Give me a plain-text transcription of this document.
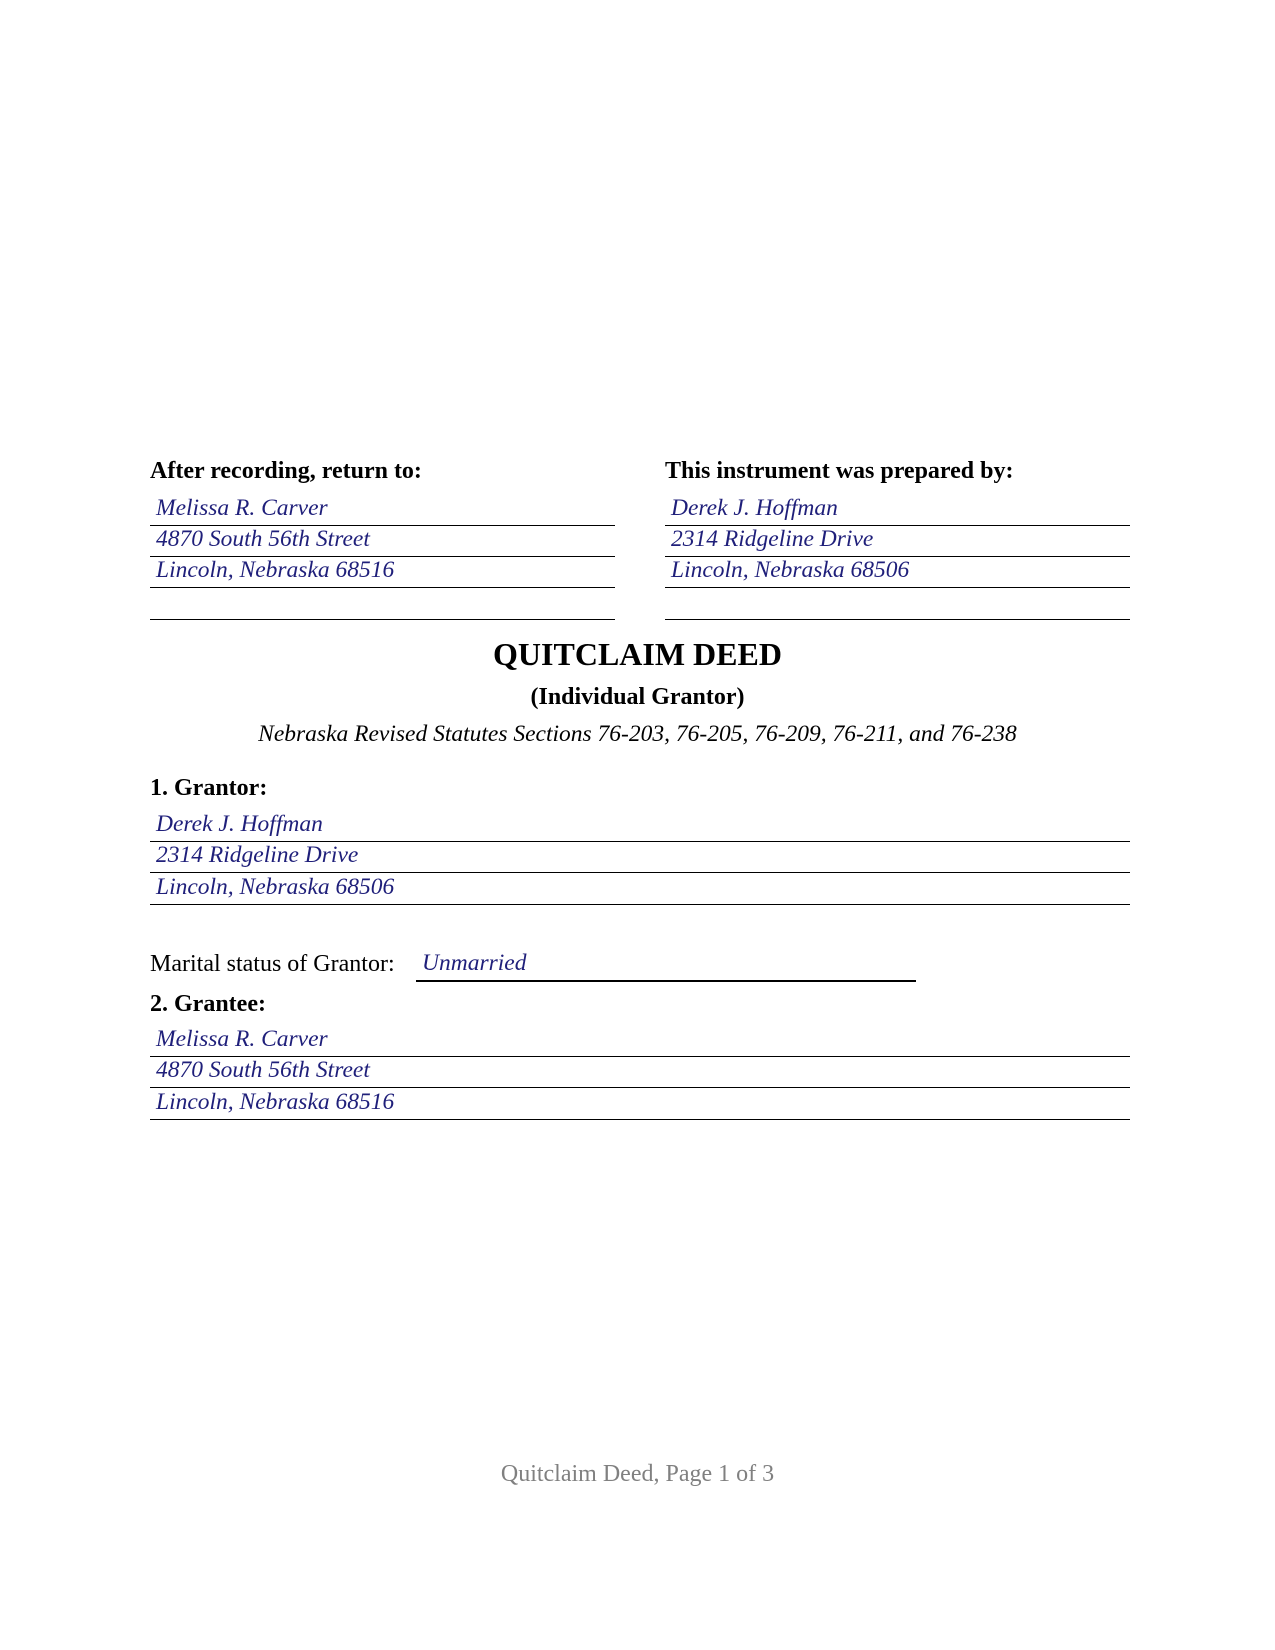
After recording, return to:
Melissa R. Carver
4870 South 56th Street
Lincoln, Nebraska 68516
This instrument was prepared by:
Derek J. Hoffman
2314 Ridgeline Drive
Lincoln, Nebraska 68506
QUITCLAIM DEED
(Individual Grantor)
Nebraska Revised Statutes Sections 76-203, 76-205, 76-209, 76-211, and 76-238
1. Grantor:
Derek J. Hoffman
2314 Ridgeline Drive
Lincoln, Nebraska 68506
Marital status of Grantor: Unmarried
2. Grantee:
Melissa R. Carver
4870 South 56th Street
Lincoln, Nebraska 68516
Quitclaim Deed, Page 1 of 3
